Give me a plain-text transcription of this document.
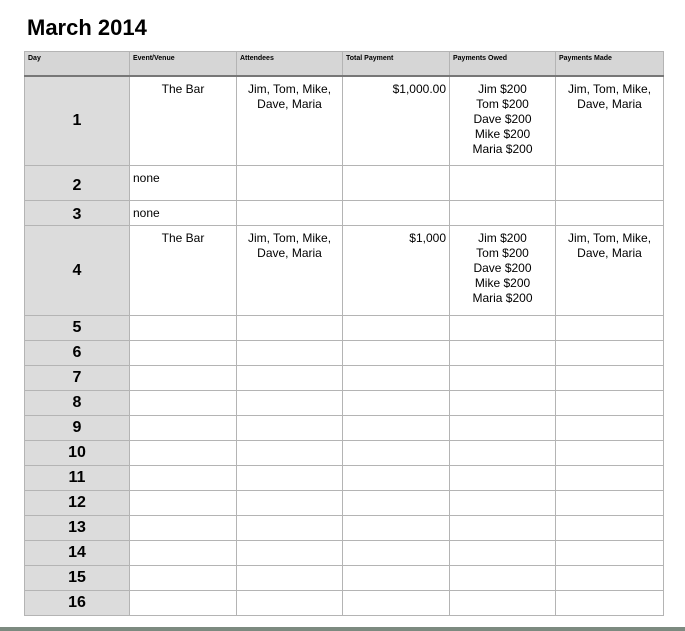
March 2014
Day	Event/Venue	Attendees	Total Payment	Payments Owed	Payments Made
1	The Bar	Jim, Tom, Mike,
Dave, Maria	$1,000.00	Jim $200
Tom $200
Dave $200
Mike $200
Maria $200	Jim, Tom, Mike,
Dave, Maria

2	none				
3	none				
4	The Bar	Jim, Tom, Mike,
Dave, Maria	$1,000	Jim $200
Tom $200
Dave $200
Mike $200
Maria $200	Jim, Tom, Mike,
Dave, Maria

5					
6					
7					
8					
9					
10					
11					
12					
13					
14					
15					
16					
